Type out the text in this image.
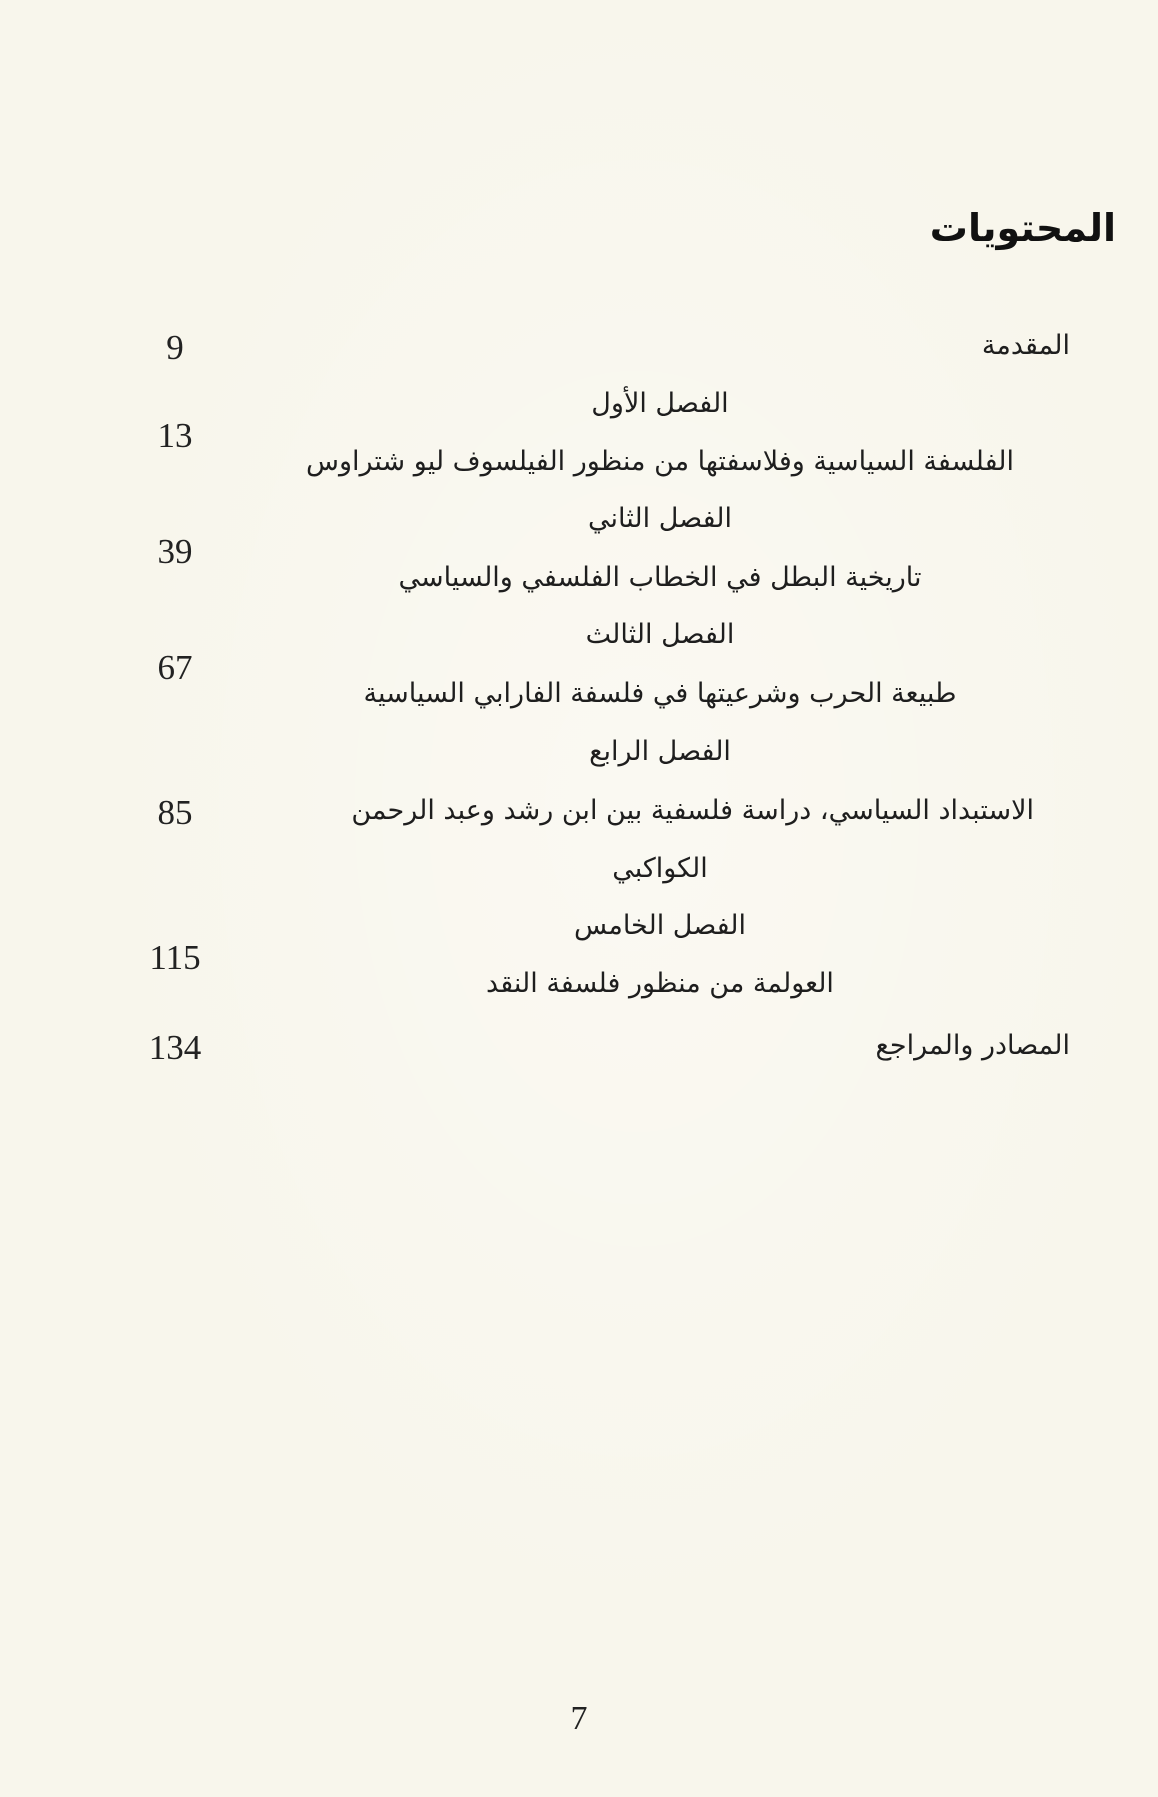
المحتويات
المقدمة
9
الفصل الأول
13
الفلسفة السياسية وفلاسفتها من منظور الفيلسوف ليو شتراوس
الفصل الثاني
39
تاريخية البطل في الخطاب الفلسفي والسياسي
الفصل الثالث
67
طبيعة الحرب وشرعيتها في فلسفة الفارابي السياسية
الفصل الرابع
85	الاستبداد السياسي، دراسة فلسفية بين ابن رشد وعبد الرحمن
الكواكبي
الفصل الخامس
115
العولمة من منظور فلسفة النقد
المصادر والمراجع
134
7
